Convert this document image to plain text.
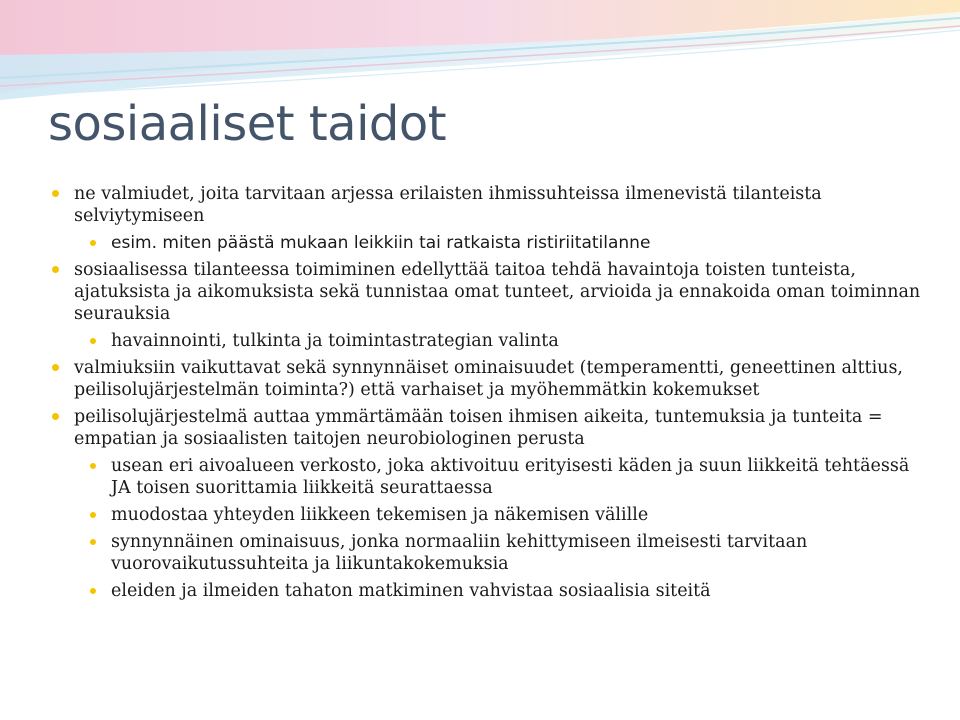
sosiaaliset taidot
ne valmiudet, joita tarvitaan arjessa erilaisten ihmissuhteissa ilmenevistä tilanteista selviytymiseen
esim. miten päästä mukaan leikkiin tai ratkaista ristiriitatilanne
sosiaalisessa tilanteessa toimiminen edellyttää taitoa tehdä havaintoja toisten tunteista, ajatuksista ja aikomuksista sekä tunnistaa omat tunteet, arvioida ja ennakoida oman toiminnan seurauksia
havainnointi, tulkinta ja toimintastrategian valinta
valmiuksiin vaikuttavat sekä synnynnäiset ominaisuudet (temperamentti, geneettinen alttius, peilisolujärjestelmän toiminta?) että varhaiset ja myöhemmätkin kokemukset
peilisolujärjestelmä auttaa ymmärtämään toisen ihmisen aikeita, tuntemuksia ja tunteita = empatian ja sosiaalisten taitojen neurobiologinen perusta
usean eri aivoalueen verkosto, joka aktivoituu erityisesti käden ja suun liikkeitä tehtäessä JA toisen suorittamia liikkeitä seurattaessa
muodostaa yhteyden liikkeen tekemisen ja näkemisen välille
synnynnäinen ominaisuus, jonka normaaliin kehittymiseen ilmeisesti tarvitaan vuorovaikutussuhteita ja liikuntakokemuksia
eleiden ja ilmeiden tahaton matkiminen vahvistaa sosiaalisia siteitä
